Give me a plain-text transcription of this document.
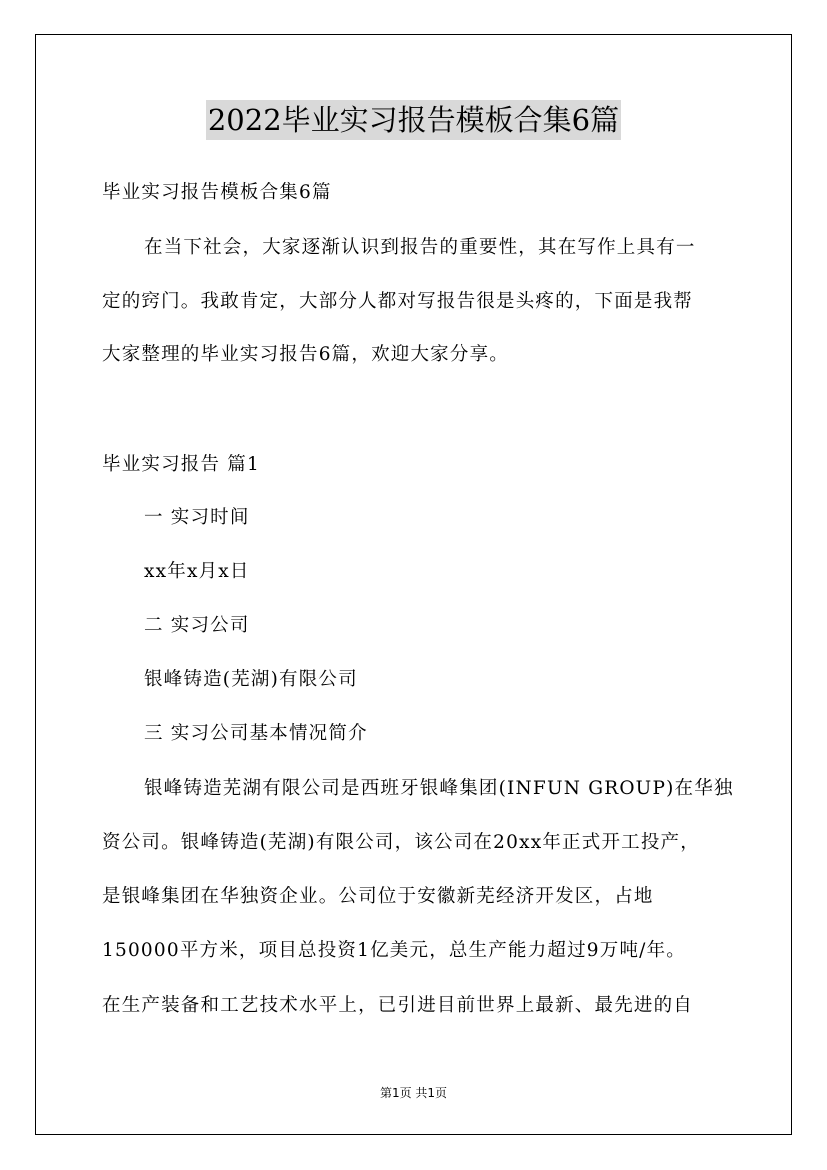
2022毕业实习报告模板合集6篇
毕业实习报告模板合集6篇
在当下社会，大家逐渐认识到报告的重要性，其在写作上具有一
定的窍门。我敢肯定，大部分人都对写报告很是头疼的，下面是我帮
大家整理的毕业实习报告6篇，欢迎大家分享。
毕业实习报告 篇1
一 实习时间
xx年x月x日
二 实习公司
银峰铸造(芜湖)有限公司
三 实习公司基本情况简介
银峰铸造芜湖有限公司是西班牙银峰集团(INFUN GROUP)在华独
资公司。银峰铸造(芜湖)有限公司，该公司在20xx年正式开工投产，
是银峰集团在华独资企业。公司位于安徽新芜经济开发区，占地
150000平方米，项目总投资1亿美元，总生产能力超过9万吨/年。
在生产装备和工艺技术水平上，已引进目前世界上最新、最先进的自
第1页 共1页
